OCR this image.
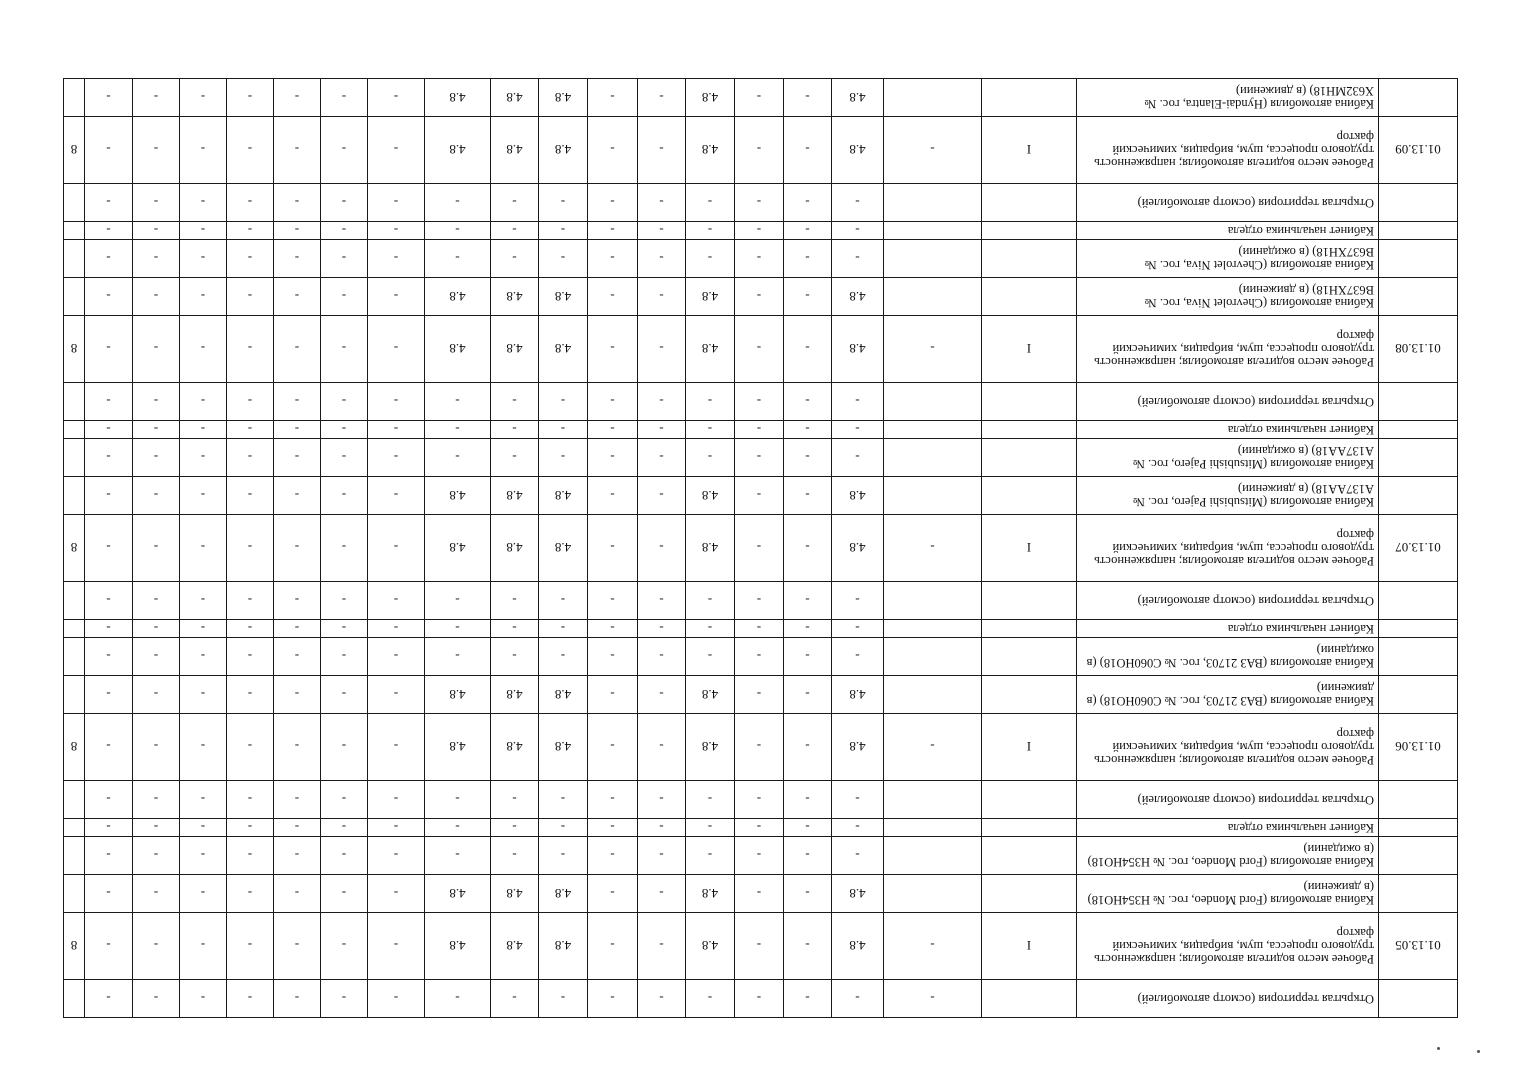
	Открытая территория (осмотр автомобилей)		-	-	-	-	-	-	-	-	-	-	-	-	-	-	-	-	-	
01.13.05	Рабочее место водителя автомобиля; напряженность трудового процесса, шум, вибрация, химический фактор	I	-	4.8	-	-	4.8	-	-	4.8	4.8	4.8	-	-	-	-	-	-	-	8
	Кабина автомобиля (Ford Mondeo, гос. № Н354НО18) (в движении)			4.8	-	-	4.8	-	-	4.8	4.8	4.8	-	-	-	-	-	-	-	
	Кабина автомобиля (Ford Mondeo, гос. № Н354НО18) (в ожидании)			-	-	-	-	-	-	-	-	-	-	-	-	-	-	-	-	
	Кабинет начальника отдела			-	-	-	-	-	-	-	-	-	-	-	-	-	-	-	-	
	Открытая территория (осмотр автомобилей)			-	-	-	-	-	-	-	-	-	-	-	-	-	-	-	-	
01.13.06	Рабочее место водителя автомобиля; напряженность трудового процесса, шум, вибрация, химический фактор	I	-	4.8	-	-	4.8	-	-	4.8	4.8	4.8	-	-	-	-	-	-	-	8
	Кабина автомобиля (ВАЗ 21703, гос. № С060НО18) (в движении)			4.8	-	-	4.8	-	-	4.8	4.8	4.8	-	-	-	-	-	-	-	
	Кабина автомобиля (ВАЗ 21703, гос. № С060НО18) (в ожидании)			-	-	-	-	-	-	-	-	-	-	-	-	-	-	-	-	
	Кабинет начальника отдела			-	-	-	-	-	-	-	-	-	-	-	-	-	-	-	-	
	Открытая территория (осмотр автомобилей)			-	-	-	-	-	-	-	-	-	-	-	-	-	-	-	-	
01.13.07	Рабочее место водителя автомобиля; напряженность трудового процесса, шум, вибрация, химический фактор	I	-	4.8	-	-	4.8	-	-	4.8	4.8	4.8	-	-	-	-	-	-	-	8
	Кабина автомобиля (Mitsubishi Pajero, гос. № А137АА18) (в движении)			4.8	-	-	4.8	-	-	4.8	4.8	4.8	-	-	-	-	-	-	-	
	Кабина автомобиля (Mitsubishi Pajero, гос. № А137АА18) (в ожидании)			-	-	-	-	-	-	-	-	-	-	-	-	-	-	-	-	
	Кабинет начальника отдела			-	-	-	-	-	-	-	-	-	-	-	-	-	-	-	-	
	Открытая территория (осмотр автомобилей)			-	-	-	-	-	-	-	-	-	-	-	-	-	-	-	-	
01.13.08	Рабочее место водителя автомобиля; напряженность трудового процесса, шум, вибрация, химический фактор	I	-	4.8	-	-	4.8	-	-	4.8	4.8	4.8	-	-	-	-	-	-	-	8
	Кабина автомобиля (Chevrolet Niva, гос. № В637ХН18) (в движении)			4.8	-	-	4.8	-	-	4.8	4.8	4.8	-	-	-	-	-	-	-	
	Кабина автомобиля (Chevrolet Niva, гос. № В637ХН18) (в ожидании)			-	-	-	-	-	-	-	-	-	-	-	-	-	-	-	-	
	Кабинет начальника отдела			-	-	-	-	-	-	-	-	-	-	-	-	-	-	-	-	
	Открытая территория (осмотр автомобилей)			-	-	-	-	-	-	-	-	-	-	-	-	-	-	-	-	
01.13.09	Рабочее место водителя автомобиля; напряженность трудового процесса, шум, вибрация, химический фактор	I	-	4.8	-	-	4.8	-	-	4.8	4.8	4.8	-	-	-	-	-	-	-	8
	Кабина автомобиля (Hyndai-Elantra, гос. № Х632МН18) (в движении)			4.8	-	-	4.8	-	-	4.8	4.8	4.8	-	-	-	-	-	-	-	
